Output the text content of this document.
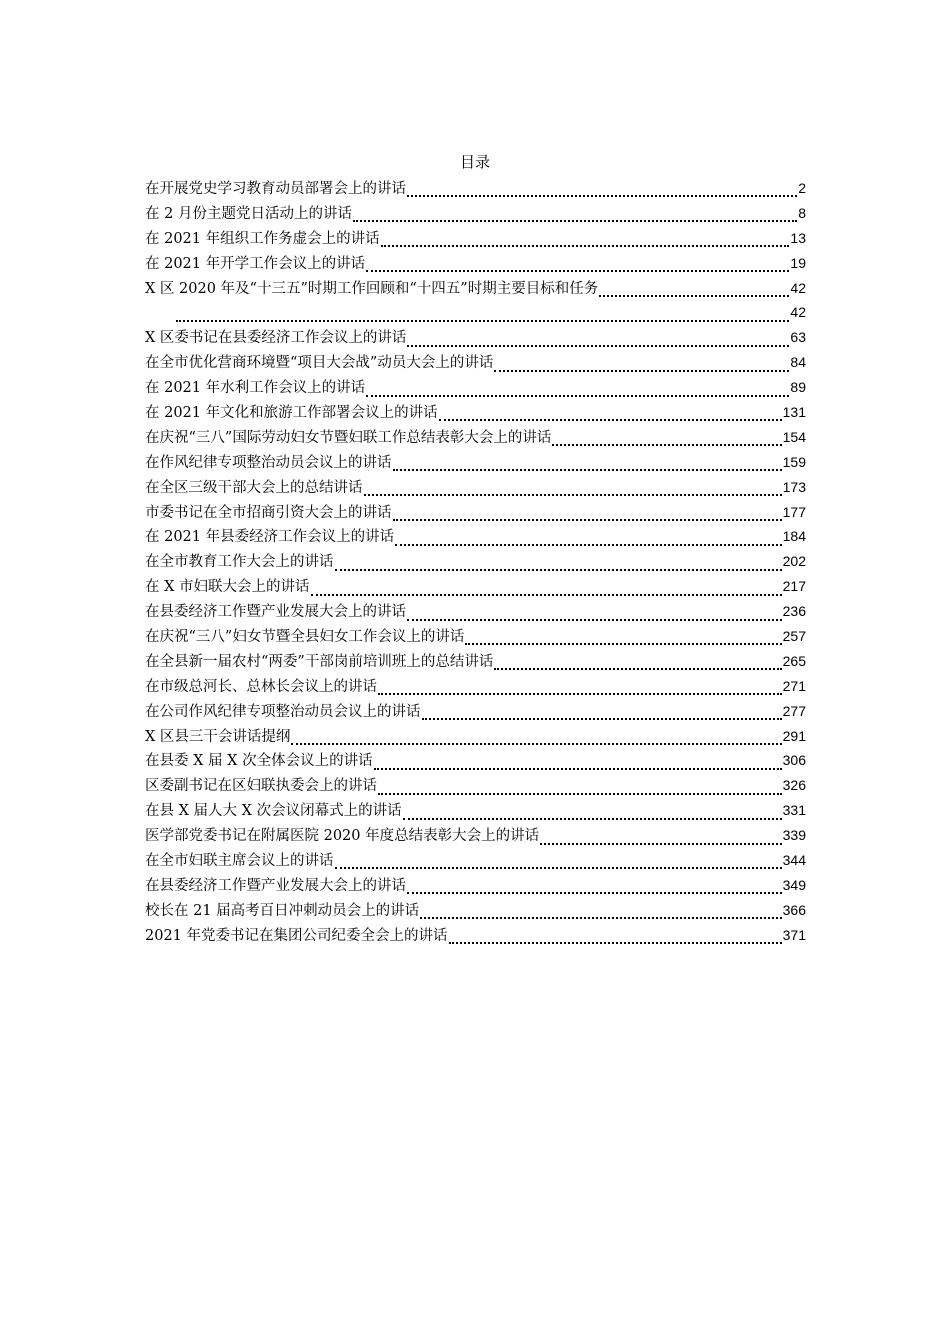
目录
在开展党史学习教育动员部署会上的讲话	2
在 2 月份主题党日活动上的讲话	8
在 2021 年组织工作务虚会上的讲话	13
在 2021 年开学工作会议上的讲话	19
X 区 2020 年及“十三五”时期工作回顾和“十四五”时期主要目标和任务	42
42
X 区委书记在县委经济工作会议上的讲话	63
在全市优化营商环境暨“项目大会战”动员大会上的讲话	84
在 2021 年水利工作会议上的讲话	89
在 2021 年文化和旅游工作部署会议上的讲话	131
在庆祝“三八”国际劳动妇女节暨妇联工作总结表彰大会上的讲话	154
在作风纪律专项整治动员会议上的讲话	159
在全区三级干部大会上的总结讲话	173
市委书记在全市招商引资大会上的讲话	177
在 2021 年县委经济工作会议上的讲话	184
在全市教育工作大会上的讲话	202
在 X 市妇联大会上的讲话	217
在县委经济工作暨产业发展大会上的讲话	236
在庆祝“三八”妇女节暨全县妇女工作会议上的讲话	257
在全县新一届农村“两委”干部岗前培训班上的总结讲话	265
在市级总河长、总林长会议上的讲话	271
在公司作风纪律专项整治动员会议上的讲话	277
X 区县三干会讲话提纲	291
在县委 X 届 X 次全体会议上的讲话	306
区委副书记在区妇联执委会上的讲话	326
在县 X 届人大 X 次会议闭幕式上的讲话	331
医学部党委书记在附属医院 2020 年度总结表彰大会上的讲话	339
在全市妇联主席会议上的讲话	344
在县委经济工作暨产业发展大会上的讲话	349
校长在 21 届高考百日冲刺动员会上的讲话	366
2021 年党委书记在集团公司纪委全会上的讲话	371
